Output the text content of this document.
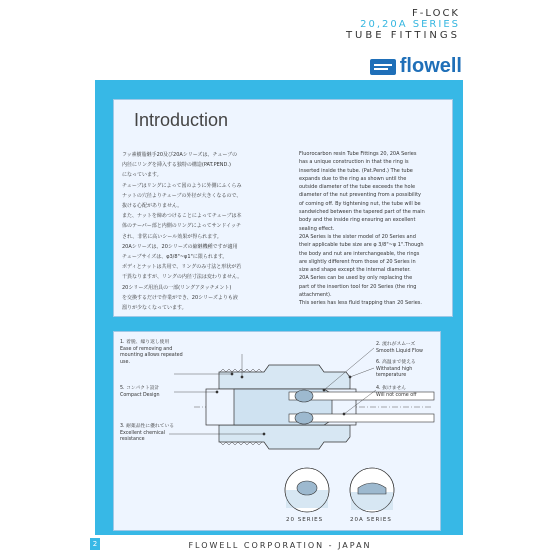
F-LOCK
20,20A SERIES
TUBE FITTINGS
flowell
Introduction
フッ素樹脂継手20及び20Aシリーズは、チューブの
内径にリングを挿入する独特の構造(PAT.PEND.)
になっています。
チューブはリングによって図のように外側にふくらみ
ナットの穴径よりチューブの外径が大きくなるので、
抜ける心配がありません。
また、ナットを締めつけることによってチューブは本
体のテーパー部と内側のリングによってサンドイッチ
され、非常に高いシール効果が得られます。
20Aシリーズは、20シリーズの縮継機種ですが適用
チューブサイズは、φ3/8"~φ1"に限られます。
ボディとナットは共用で、リングのみ寸法と形状が若
干異なりますが、リングの内径寸法は変わりません。
20シリーズ用治具の一部(リングアタッチメント)
を交換するだけで作業ができ、20シリーズよりも液
溜りが少なくなっています。
Fluorocarbon resin Tube Fittings 20, 20A Series
has a unique construction in that the ring is
inserted inside the tube. (Pat.Pend.) The tube
expands due to the ring as shown until the
outside diameter of the tube exceeds the hole
diameter of the nut preventing from a possibility
of coming off. By tightening nut, the tube will be
sandwiched between the tapered part of the main
body and the inside ring ensuring an excellent
sealing effect.
20A Series is the sister model of 20 Series and
their applicable tube size are φ 3/8"~φ 1".Though
the body and nut are interchangeable, the rings
are slightly different from those of 20 Series in
size and shape except the internal diameter.
20A Series can be used by only replacing the
part of the insertion tool for 20 Series (the ring
attachment).
This series has less fluid trapping than 20 Series.
1. 着脱、繰り返し使用
Ease of removing and
mounting allows repeated
use.
5. コンパクト設計
Compact Design
3. 耐薬品性に優れている
Excellent chemical
resistance
2. 流れがスムーズ
Smooth Liquid Flow
6. 高温まで使える
Withstand high
temperature
4. 抜けません
Will not come off
20 SERIES	20A SERIES
2	FLOWELL CORPORATION - JAPAN
